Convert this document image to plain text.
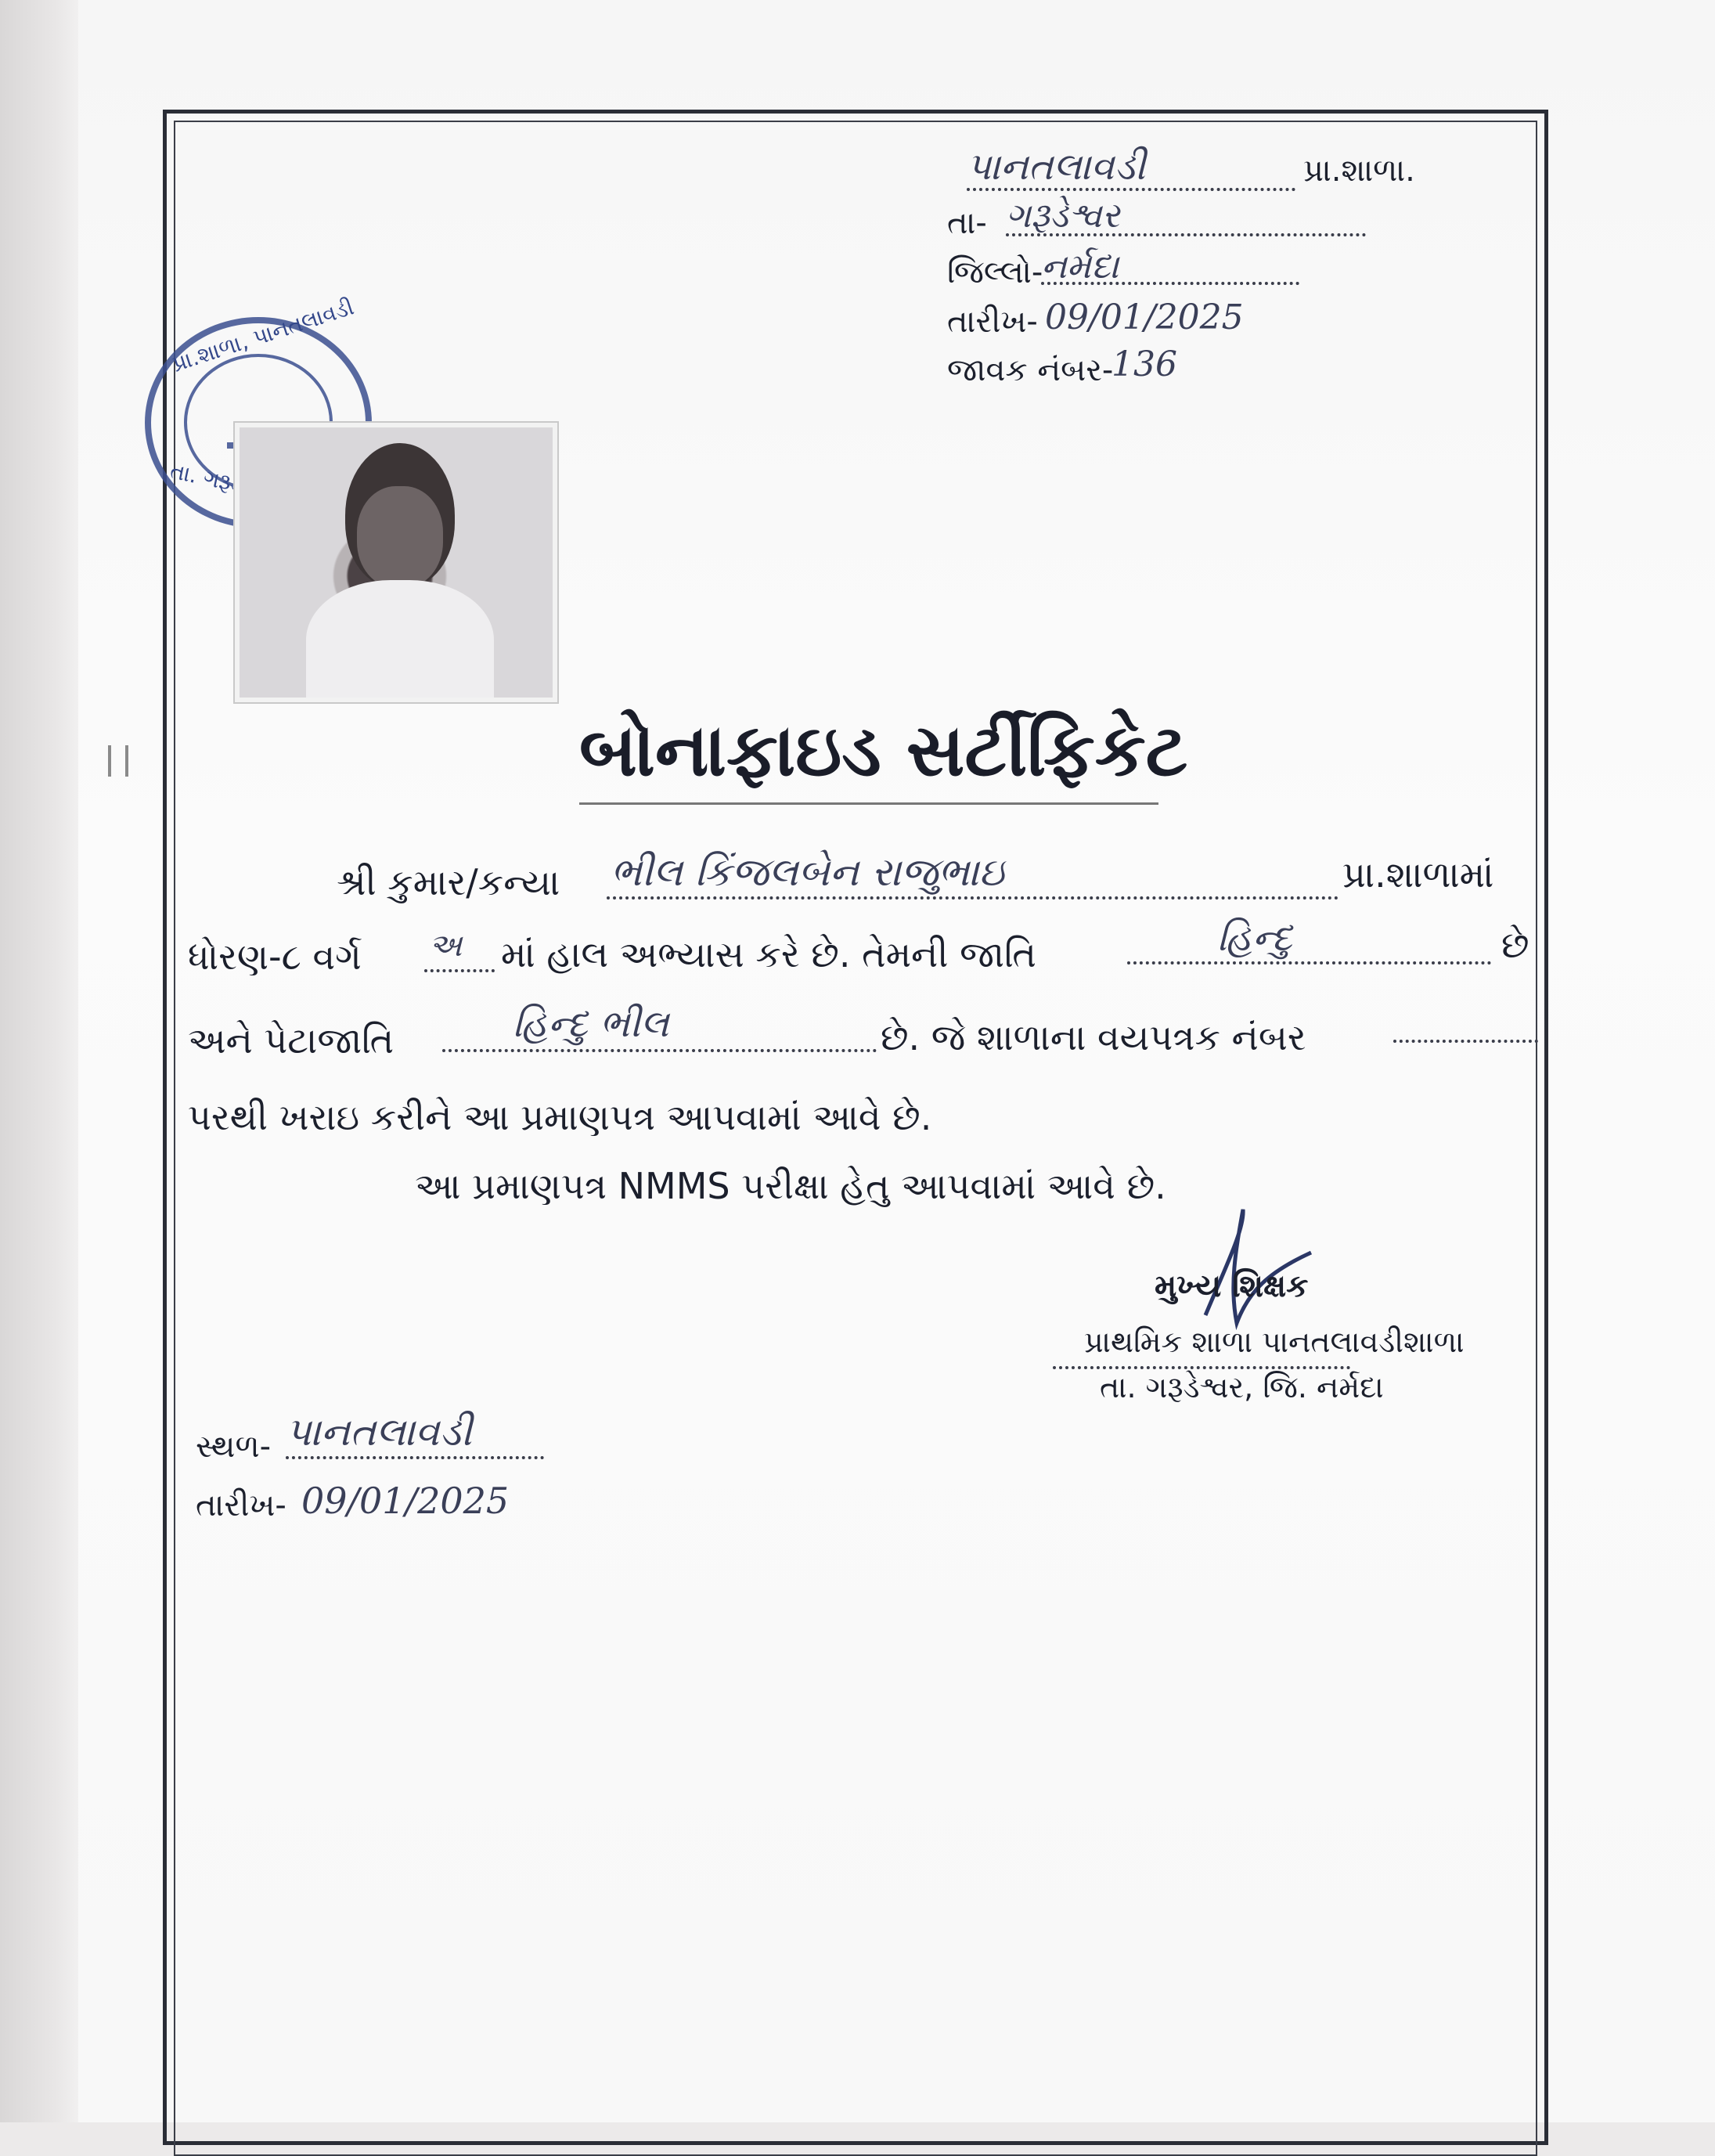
પાનતલાવડી	પ્રા.શાળા.
તા- ગરૂડેશ્વર
જિલ્લો-
નર્મદા
તારીખ- 09/01/2025
જાવક નંબર-
136
પ્રા.શાળા, પાનતલાવડી
તા.
બોનાફાઇડ સર્ટીફિકેટ
શ્રી કુમાર/કન્યા ભીલ કિંજલબેન રાજુભાઇ	પ્રા.શાળામાં
ધોરણ-૮ વર્ગ અ માં હાલ અભ્યાસ કરે છે. તેમની જાતિ	હિન્દુ	છે
અને પેટાજાતિ	હિન્દુ ભીલ	છે. જે શાળાના વયપત્રક નંબર
પરથી ખરાઇ કરીને આ પ્રમાણપત્ર આપવામાં આવે છે.
આ પ્રમાણપત્ર NMMS પરીક્ષા હેતુ આપવામાં આવે છે.
મુખ્ય શિક્ષક
પ્રાથમિક શાળા પાનતલાવડીશાળા
તા. ગરૂડેશ્વર, જિ. નર્મદા
સ્થળ- પાનતલાવડી
તારીખ- 09/01/2025
